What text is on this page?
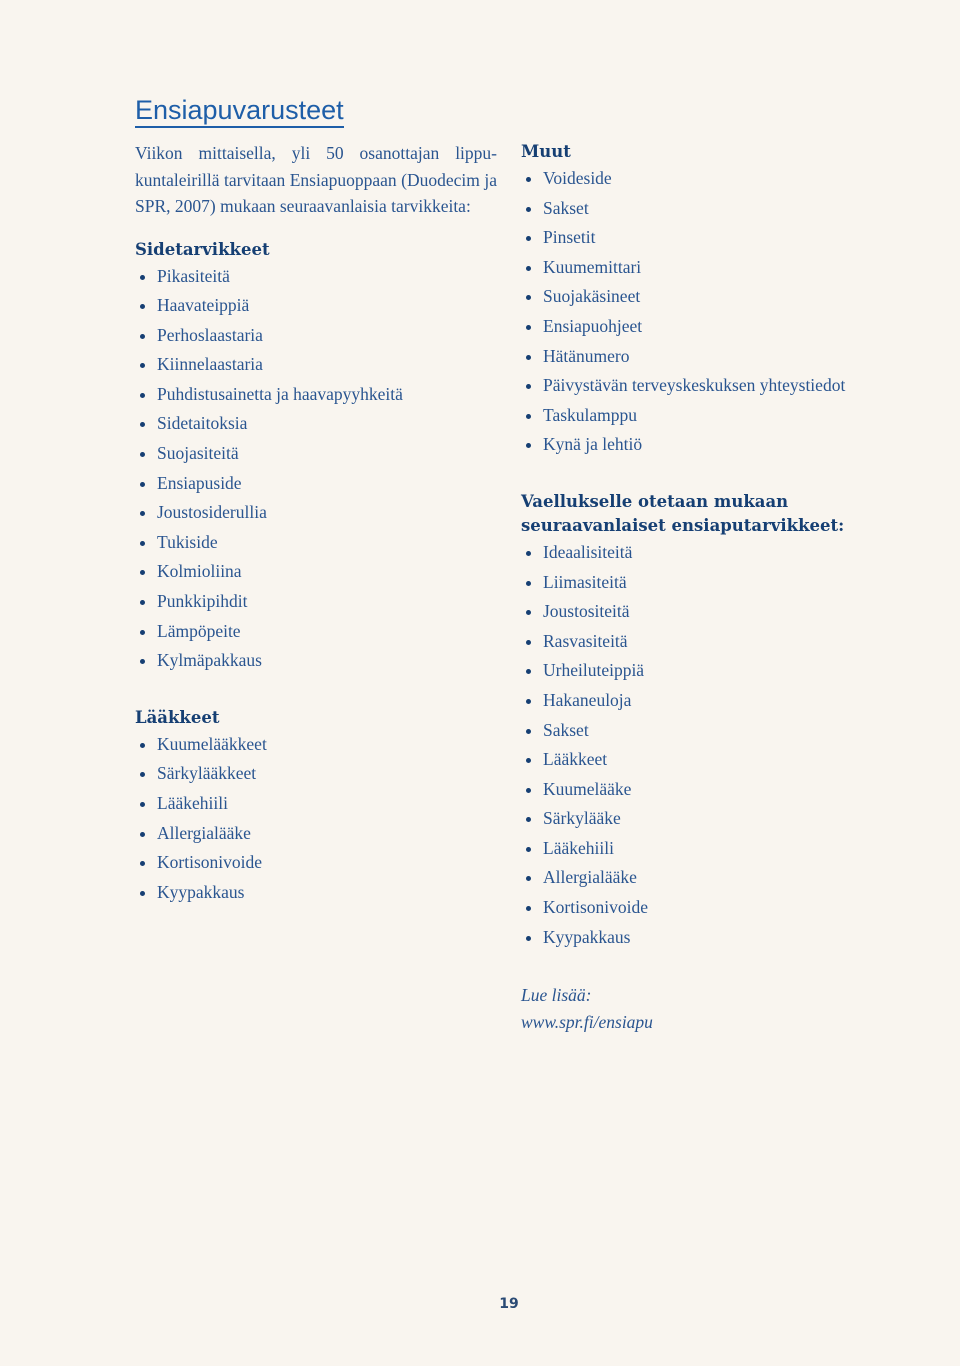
Ensiapuvarusteet

Viikon mittaisella, yli 50 osanottajan lippukuntaleirillä tarvitaan Ensiapuoppaan (Duodecim ja SPR, 2007) mukaan seuraavanlaisia tarvikkeita:

Sidetarvikkeet
Pikasiteitä
Haavateippiä
Perhoslaastaria
Kiinnelaastaria
Puhdistusainetta ja haavapyyhkeitä
Sidetaitoksia
Suojasiteitä
Ensiapuside
Joustosiderullia
Tukiside
Kolmioliina
Punkkipihdit
Lämpöpeite
Kylmäpakkaus
Lääkkeet
Kuumelääkkeet
Särkylääkkeet
Lääkehiili
Allergialääke
Kortisonivoide
Kyypakkaus
Muut
Voideside
Sakset
Pinsetit
Kuumemittari
Suojakäsineet
Ensiapuohjeet
Hätänumero
Päivystävän terveyskeskuksen yhteystiedot
Taskulamppu
Kynä ja lehtiö
Vaellukselle otetaan mukaan
seuraavanlaiset ensiaputarvikkeet:
Ideaalisiteitä
Liimasiteitä
Joustositeitä
Rasvasiteitä
Urheiluteippiä
Hakaneuloja
Sakset
Lääkkeet
Kuumelääke
Särkylääke
Lääkehiili
Allergialääke
Kortisonivoide
Kyypakkaus
Lue lisää:
www.spr.fi/ensiapu
19
